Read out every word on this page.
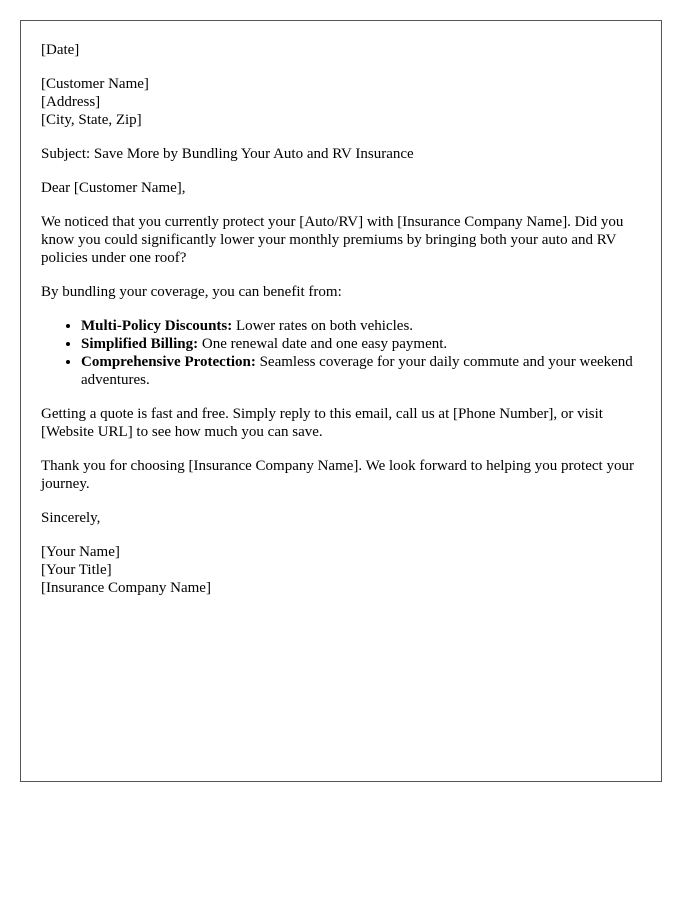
[Date]

[Customer Name]
[Address]
[City, State, Zip]

Subject: Save More by Bundling Your Auto and RV Insurance

Dear [Customer Name],

We noticed that you currently protect your [Auto/RV] with [Insurance Company Name]. Did you know you could significantly lower your monthly premiums by bringing both your auto and RV policies under one roof?

By bundling your coverage, you can benefit from:

• Multi-Policy Discounts: Lower rates on both vehicles.
• Simplified Billing: One renewal date and one easy payment.
• Comprehensive Protection: Seamless coverage for your daily commute and your weekend adventures.

Getting a quote is fast and free. Simply reply to this email, call us at [Phone Number], or visit [Website URL] to see how much you can save.

Thank you for choosing [Insurance Company Name]. We look forward to helping you protect your journey.

Sincerely,

[Your Name]
[Your Title]
[Insurance Company Name]
